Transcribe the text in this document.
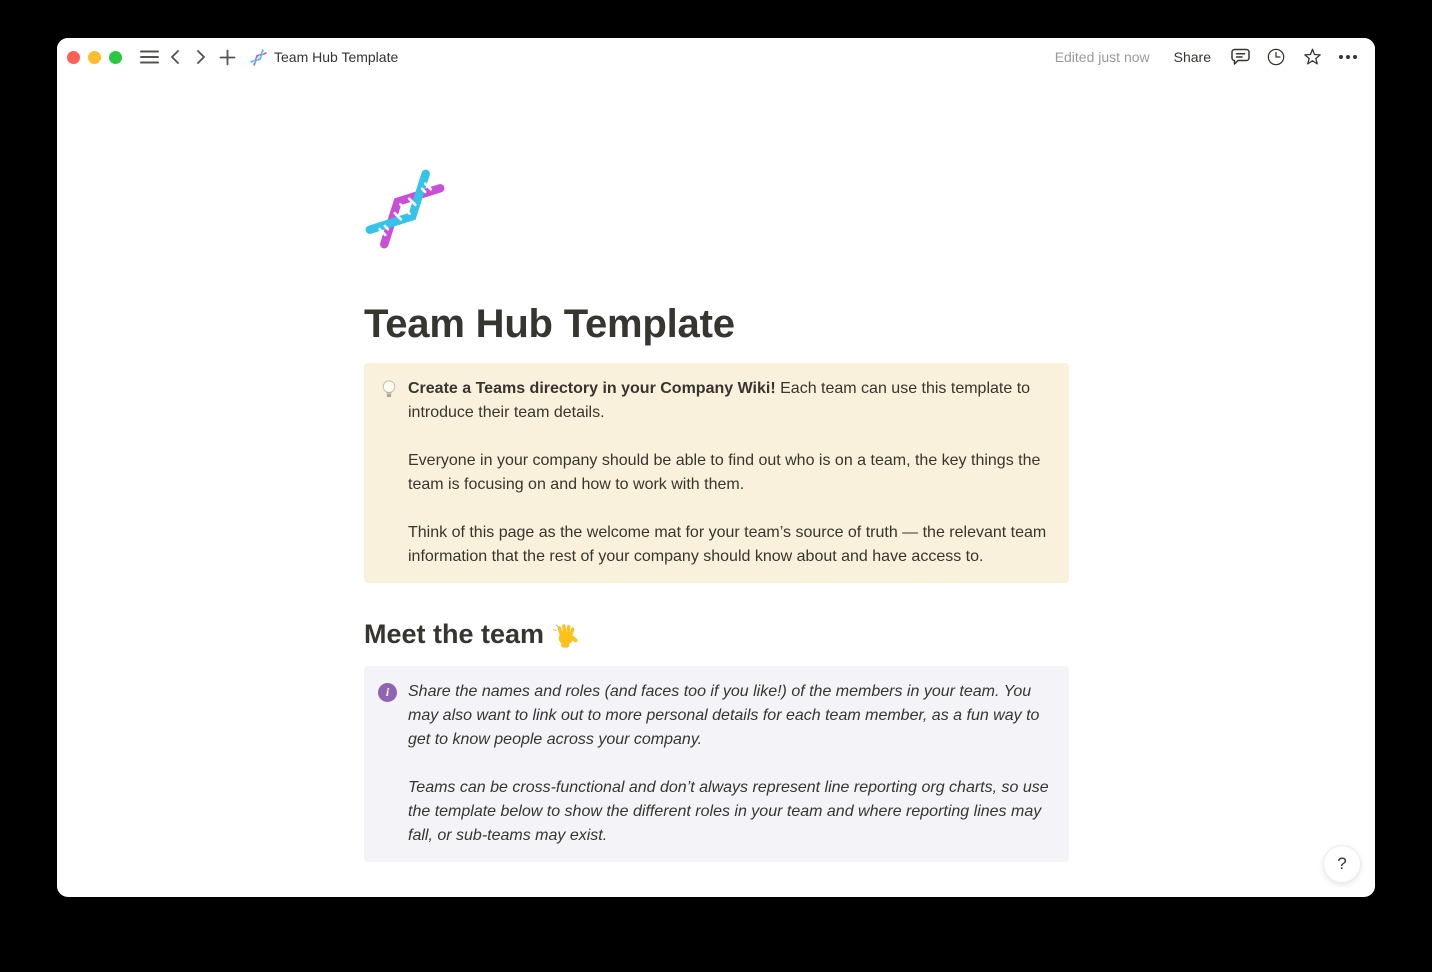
Team Hub Template	Edited just now	Share
Team Hub Template

Create a Teams directory in your Company Wiki! Each team can use this template to introduce their team details.

Everyone in your company should be able to find out who is on a team, the key things the team is focusing on and how to work with them.

Think of this page as the welcome mat for your team’s source of truth — the relevant team information that the rest of your company should know about and have access to.

Meet the team
i	Share the names and roles (and faces too if you like!) of the members in your team. You may also want to link out to more personal details for each team member, as a fun way to get to know people across your company.

Teams can be cross-functional and don’t always represent line reporting org charts, so use the template below to show the different roles in your team and where reporting lines may fall, or sub-teams may exist.

?
